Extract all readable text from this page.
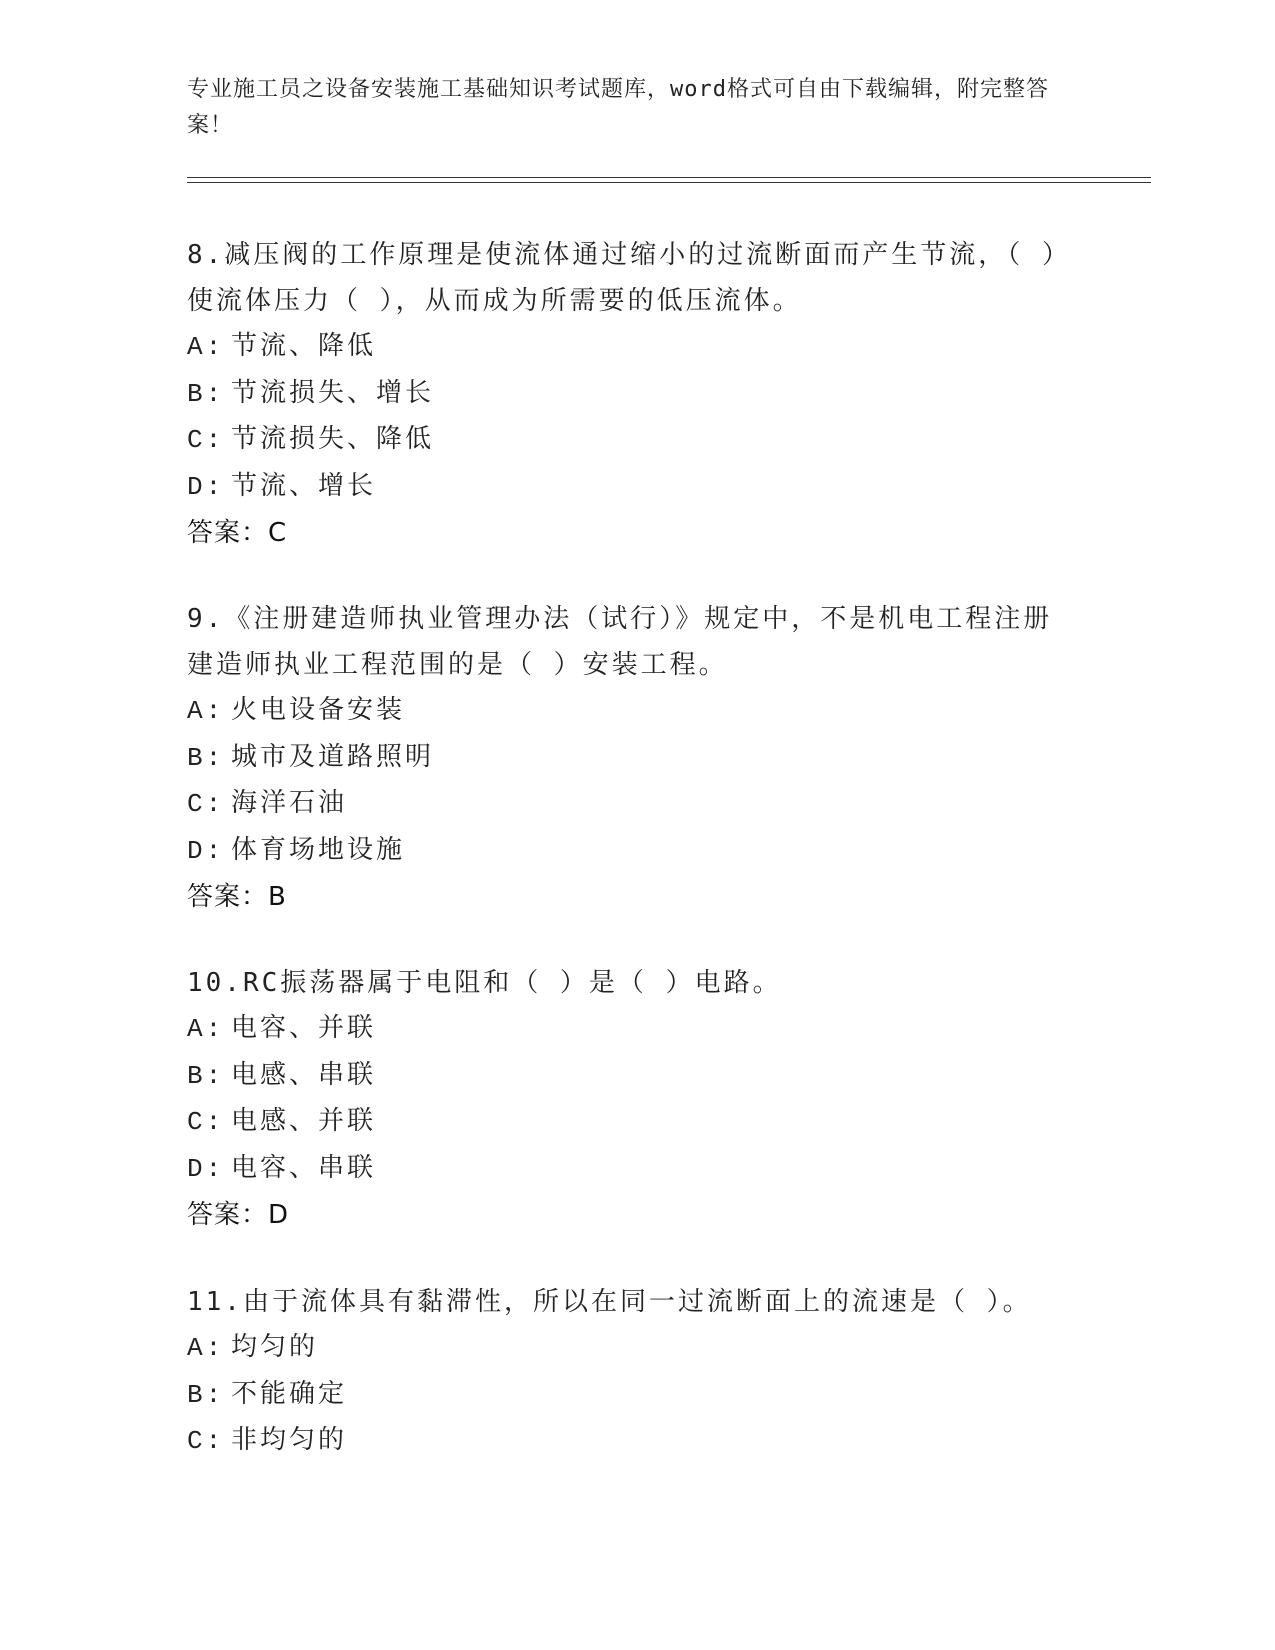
专业施工员之设备安装施工基础知识考试题库，word格式可自由下载编辑，附完整答案！

8.减压阀的工作原理是使流体通过缩小的过流断面而产生节流，（ ）使流体压力（ ），从而成为所需要的低压流体。

A: 节流、降低

B: 节流损失、增长

C: 节流损失、降低

D: 节流、增长

答案：C

9.《注册建造师执业管理办法（试行）》规定中，不是机电工程注册建造师执业工程范围的是（ ）安装工程。

A: 火电设备安装

B: 城市及道路照明

C: 海洋石油

D: 体育场地设施

答案：B

10.RC振荡器属于电阻和（ ）是（ ）电路。

A: 电容、并联

B: 电感、串联

C: 电感、并联

D: 电容、串联

答案：D

11.由于流体具有黏滞性，所以在同一过流断面上的流速是（ ）。

A: 均匀的

B: 不能确定

C: 非均匀的
